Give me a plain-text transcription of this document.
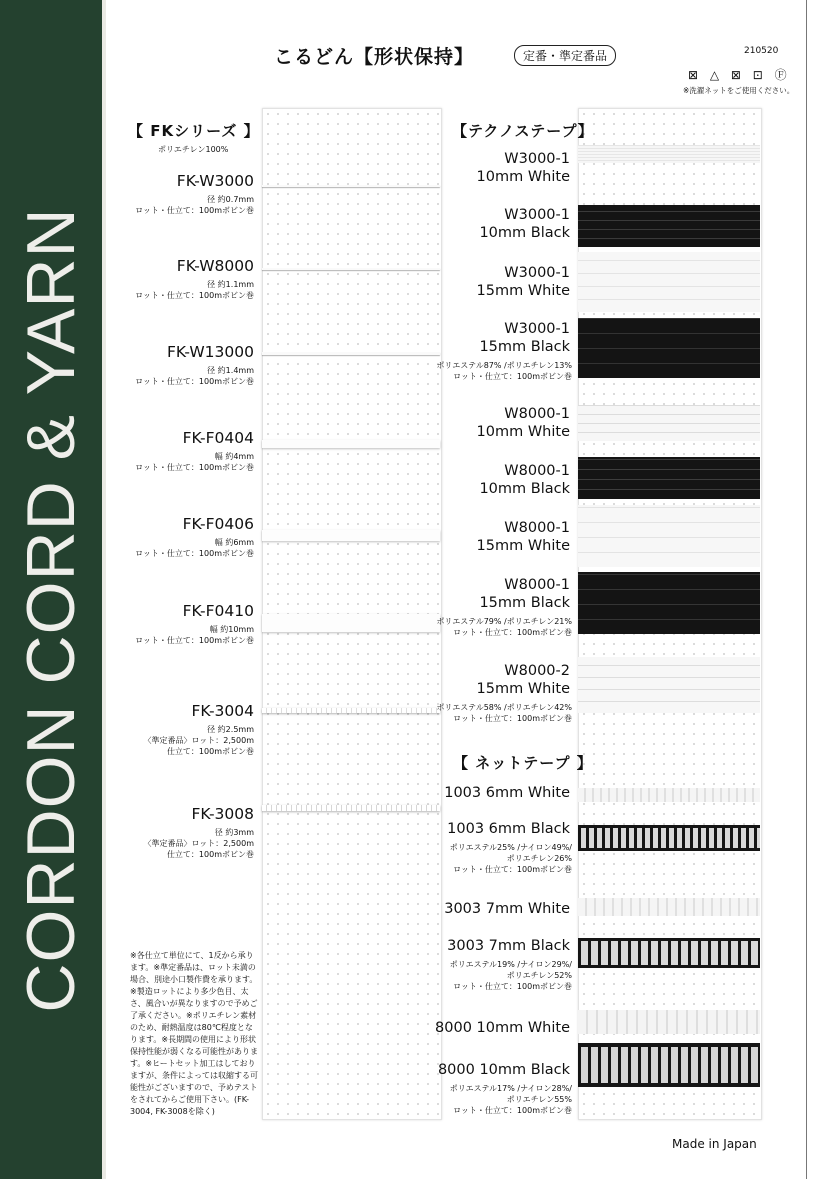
CORDON CORD & YARN
こるどん【形状保持】	定番・準定番品	210520
⊠ △ ⊠ ⊡ Ⓕ
※洗濯ネットをご使用ください。
【 FKシリーズ 】
ポリエチレン100%
FK-W3000
径 約0.7mm
ロット・仕立て：100mボビン巻
FK-W8000
径 約1.1mm
ロット・仕立て：100mボビン巻
FK-W13000
径 約1.4mm
ロット・仕立て：100mボビン巻
FK-F0404
幅 約4mm
ロット・仕立て：100mボビン巻
FK-F0406
幅 約6mm
ロット・仕立て：100mボビン巻
FK-F0410
幅 約10mm
ロット・仕立て：100mボビン巻
FK-3004
径 約2.5mm
〈準定番品〉ロット：2,500m
仕立て：100mボビン巻
FK-3008
径 約3mm
〈準定番品〉ロット：2,500m
仕立て：100mボビン巻
※各仕立て単位にて、1反から承ります。※準定番品は、ロット未満の場合、別途小口製作費を承ります。※製造ロットにより多少色目、太さ、風合いが異なりますので予めご了承ください。※ポリエチレン素材のため、耐熱温度は80℃程度となります。※長期間の使用により形状保持性能が弱くなる可能性があります。※ヒートセット加工はしておりますが、条件によっては収縮する可能性がございますので、予めテストをされてからご使用下さい。(FK-3004, FK-3008を除く)
【テクノステープ】
【 ネットテープ 】
W3000-1
10mm White
W3000-1
10mm Black
W3000-1
15mm White
W3000-1
15mm Black
ポリエステル87% /ポリエチレン13%
ロット・仕立て：100mボビン巻
W8000-1
10mm White
W8000-1
10mm Black
W8000-1
15mm White
W8000-1
15mm Black
ポリエステル79% /ポリエチレン21%
ロット・仕立て：100mボビン巻
W8000-2
15mm White
ポリエステル58% /ポリエチレン42%
ロット・仕立て：100mボビン巻
1003 6mm White
1003 6mm Black
ポリエステル25% /ナイロン49%/
ポリエチレン26%
ロット・仕立て：100mボビン巻
3003 7mm White
3003 7mm Black
ポリエステル19% /ナイロン29%/
ポリエチレン52%
ロット・仕立て：100mボビン巻
8000 10mm White
8000 10mm Black
ポリエステル17% /ナイロン28%/
ポリエチレン55%
ロット・仕立て：100mボビン巻
Made in Japan
